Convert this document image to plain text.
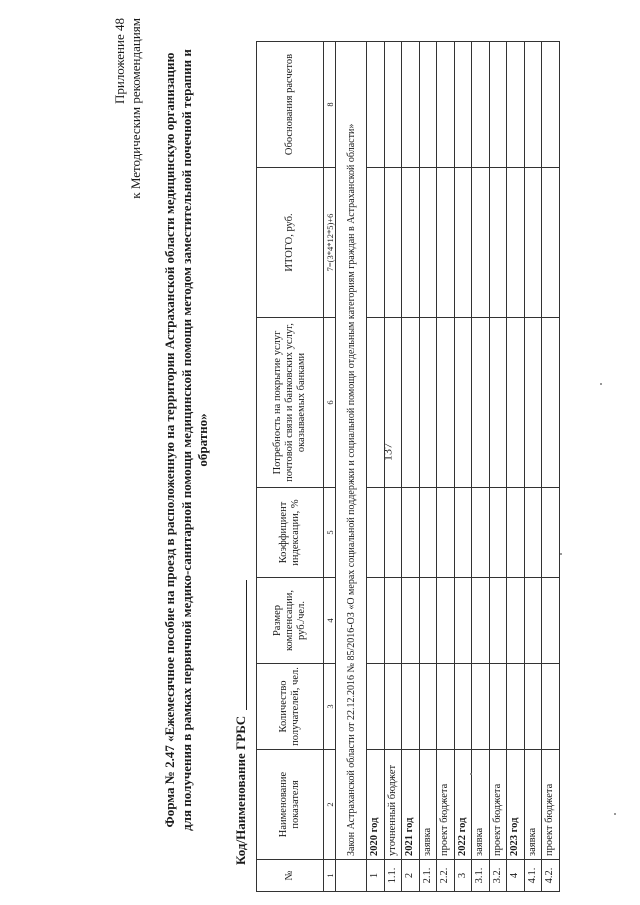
137
Приложение 48 к Методическим рекомендациям Форма № 2.47 «Ежемесячное пособие на проезд в расположенную на территории Астраханской области медицинскую организацию для получения в рамках первичной медико-санитарной помощи медицинской помощи методом заместительной почечной терапии и обратно»
Код/Наименование ГРБС
№	Наименование показателя	Количество получателей, чел.	Размер компенсации, руб./чел.	Коэффициент индексации, %	Потребность на покрытие услуг почтовой связи и банковских услуг, оказываемых банками	ИТОГО, руб.	Обоснования расчетов
1	2	3	4	5	6	7=(3*4*12*5)+6	8
	Закон Астраханской области от 22.12.2016 № 85/2016-ОЗ «О мерах социальной поддержки и социальной помощи отдельным категориям граждан в Астраханской области»						
1	2020 год						
1.1.	уточненный бюджет						
2	2021 год						
2.1.	заявка						
2.2.	проект бюджета						
3	2022 год						
3.1.	заявка						
3.2.	проект бюджета						
4	2023 год						
4.1.	заявка						
4.2.	проект бюджета						
